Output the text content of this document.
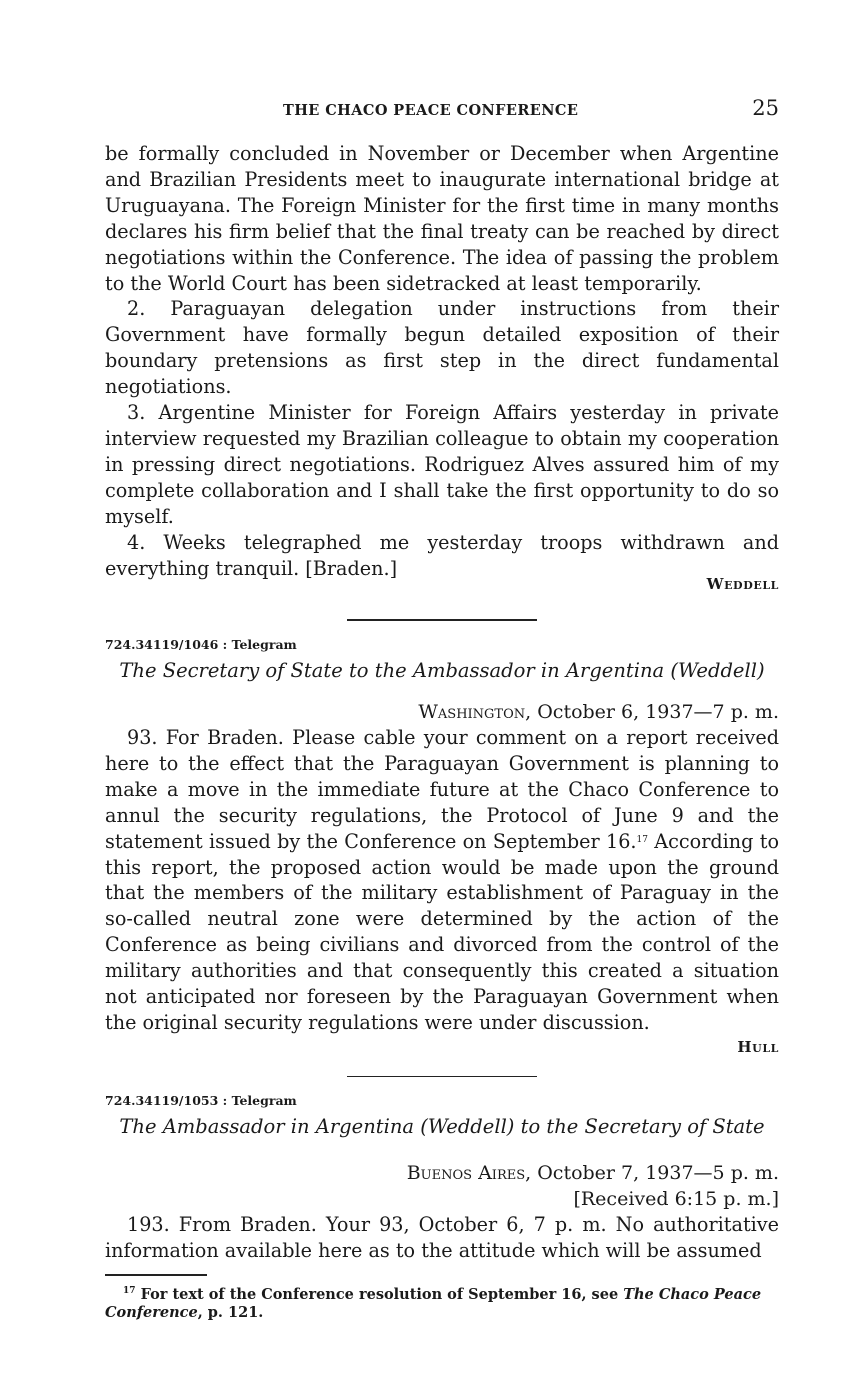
THE CHACO PEACE CONFERENCE	25

be formally concluded in November or December when Argentine and Brazilian Presidents meet to inaugurate international bridge at Uruguayana. The Foreign Minister for the first time in many months declares his firm belief that the final treaty can be reached by direct negotiations within the Conference. The idea of passing the problem to the World Court has been sidetracked at least temporarily.

2. Paraguayan delegation under instructions from their Government have formally begun detailed exposition of their boundary pretensions as first step in the direct fundamental negotiations.

3. Argentine Minister for Foreign Affairs yesterday in private interview requested my Brazilian colleague to obtain my cooperation in pressing direct negotiations. Rodriguez Alves assured him of my complete collaboration and I shall take the first opportunity to do so myself.

4. Weeks telegraphed me yesterday troops withdrawn and everything tranquil. [Braden.]

Weddell

724.34119/1046 : Telegram

The Secretary of State to the Ambassador in Argentina (Weddell)

Washington, October 6, 1937—7 p. m.

93. For Braden. Please cable your comment on a report received here to the effect that the Paraguayan Government is planning to make a move in the immediate future at the Chaco Conference to annul the security regulations, the Protocol of June 9 and the statement issued by the Conference on September 16.17 According to this report, the proposed action would be made upon the ground that the members of the military establishment of Paraguay in the so-called neutral zone were determined by the action of the Conference as being civilians and divorced from the control of the military authorities and that consequently this created a situation not anticipated nor foreseen by the Paraguayan Government when the original security regulations were under discussion.

Hull

724.34119/1053 : Telegram

The Ambassador in Argentina (Weddell) to the Secretary of State

Buenos Aires, October 7, 1937—5 p. m.

[Received 6:15 p. m.]

193. From Braden. Your 93, October 6, 7 p. m. No authoritative information available here as to the attitude which will be assumed

$^{17}$ For text of the Conference resolution of September 16, see The Chaco Peace Conference, p. 121.
